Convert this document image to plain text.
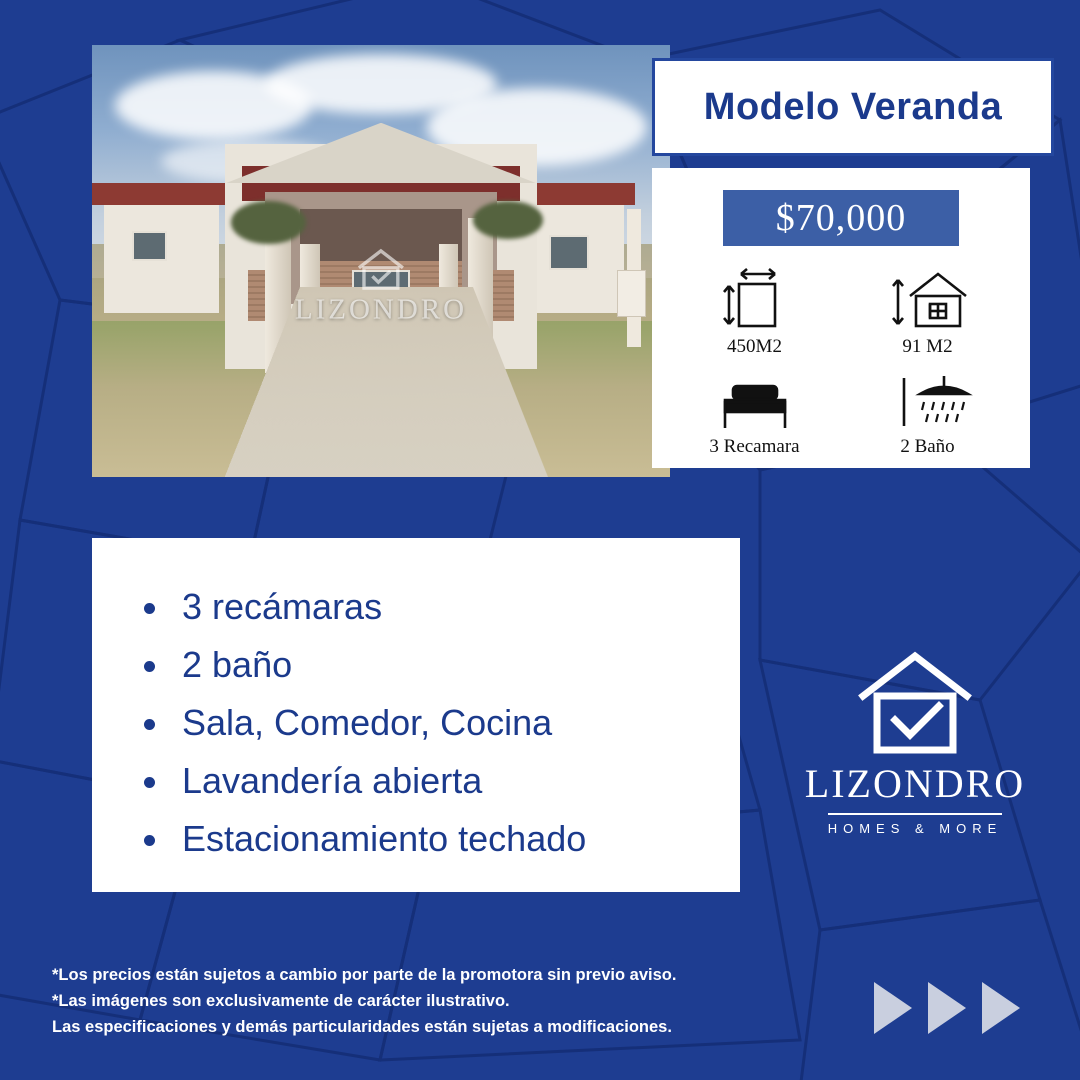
LIZONDRO
Modelo Veranda
$70,000
450M2	91 M2
3 Recamara	2 Baño
3 recámaras
2 baño
Sala, Comedor, Cocina
Lavandería abierta
Estacionamiento techado
LIZONDRO
HOMES & MORE
*Los precios están sujetos a cambio por parte de la promotora sin previo aviso.
*Las imágenes son exclusivamente de carácter ilustrativo.
Las especificaciones y demás particularidades están sujetas a modificaciones.
